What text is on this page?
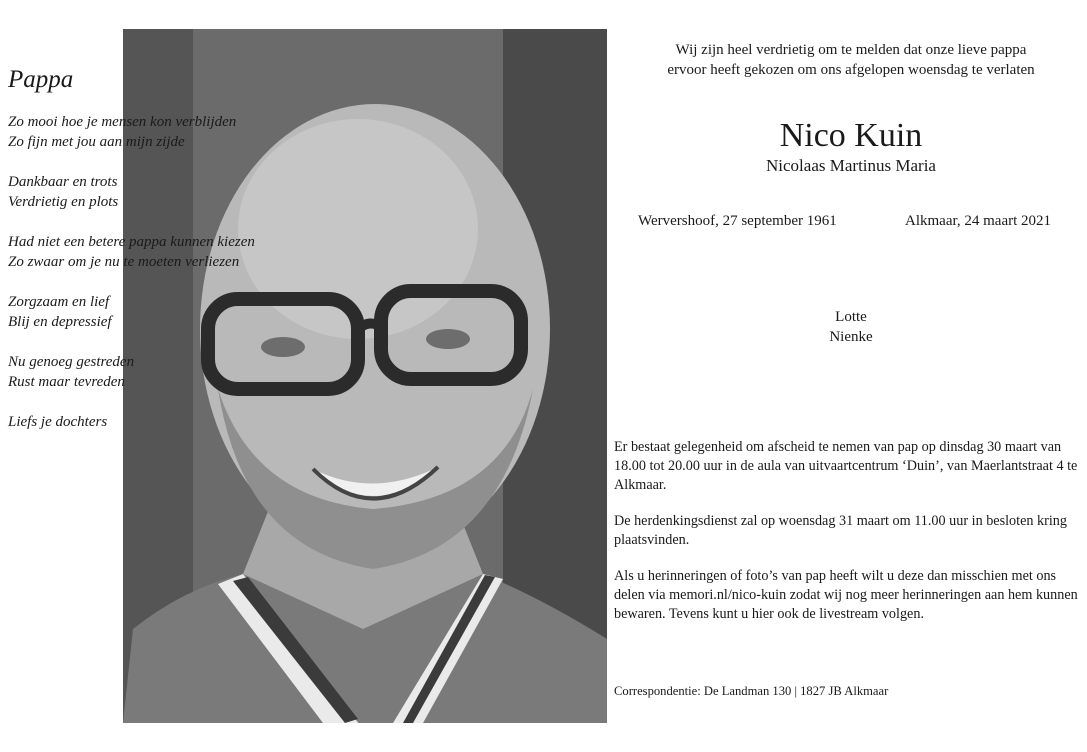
Pappa
Zo mooi hoe je mensen kon verblijden
Zo fijn met jou aan mijn zijde
Dankbaar en trots
Verdrietig en plots
Had niet een betere pappa kunnen kiezen
Zo zwaar om je nu te moeten verliezen
Zorgzaam en lief
Blij en depressief
Nu genoeg gestreden
Rust maar tevreden
Liefs je dochters
Wij zijn heel verdrietig om te melden dat onze lieve pappa
ervoor heeft gekozen om ons afgelopen woensdag te verlaten
Nico Kuin
Nicolaas Martinus Maria
Wervershoof, 27 september 1961	Alkmaar, 24 maart 2021
Lotte
Nienke

Er bestaat gelegenheid om afscheid te nemen van pap op dinsdag 30 maart van 18.00 tot 20.00 uur in de aula van uitvaartcentrum ‘Duin’, van Maerlantstraat 4 te Alkmaar.

De herdenkingsdienst zal op woensdag 31 maart om 11.00 uur in besloten kring plaatsvinden.

Als u herinneringen of foto’s van pap heeft wilt u deze dan misschien met ons delen via memori.nl/nico-kuin zodat wij nog meer herinneringen aan hem kunnen bewaren. Tevens kunt u hier ook de livestream volgen.

Correspondentie: De Landman 130 | 1827 JB Alkmaar
